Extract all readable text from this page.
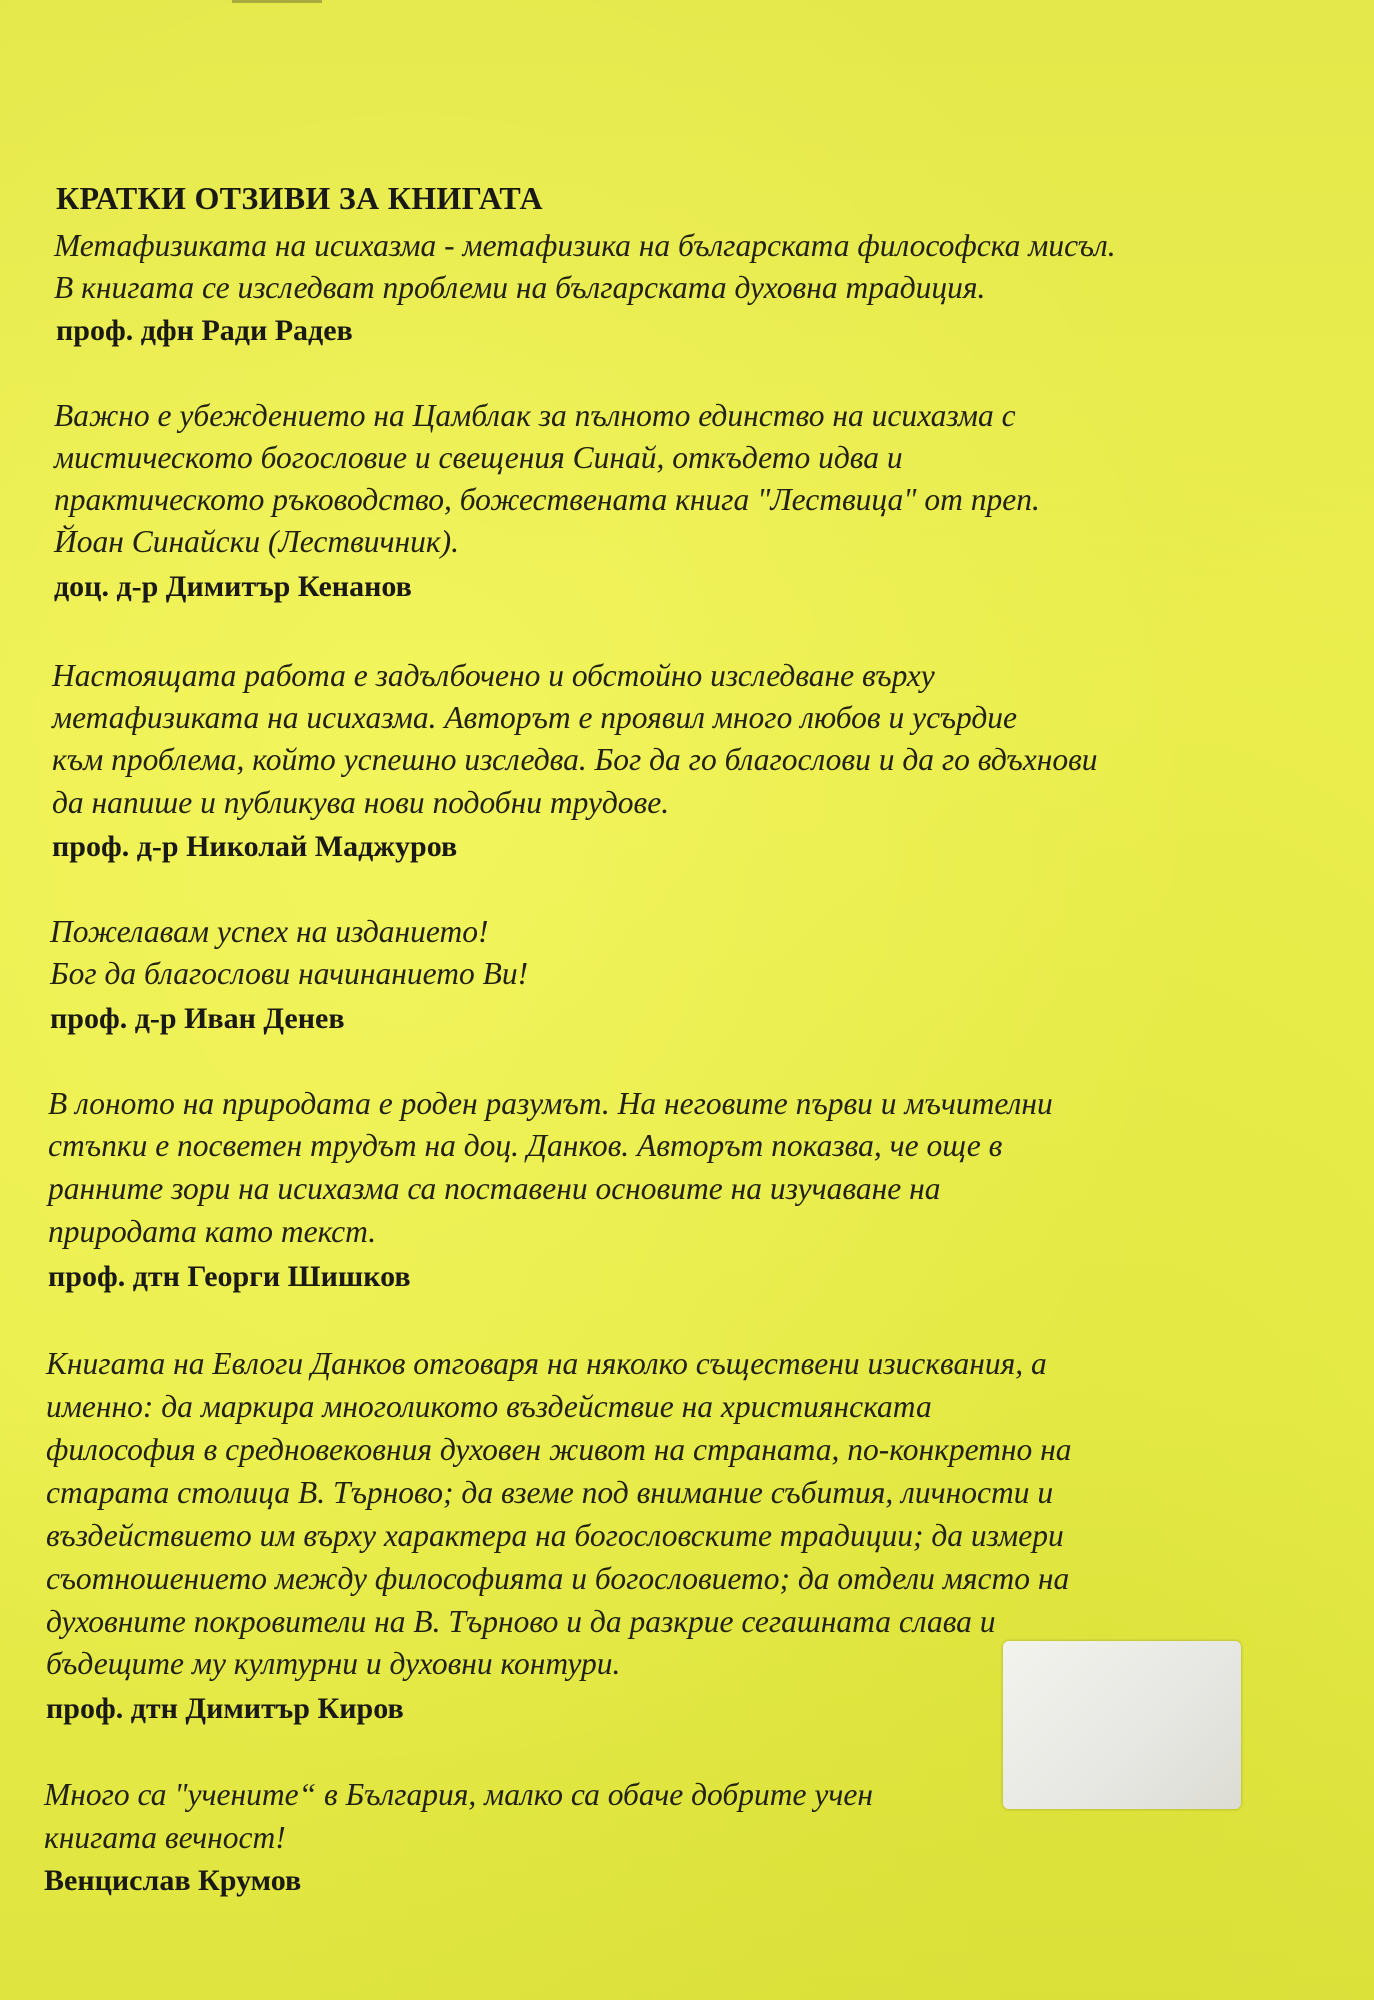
КРАТКИ ОТЗИВИ ЗА КНИГАТА
Метафизиката на исихазма - метафизика на българската философска мисъл.
В книгата се изследват проблеми на българската духовна традиция.
проф. дфн Ради Радев
Важно е убеждението на Цамблак за пълното единство на исихазма с
мистическото богословие и свещения Синай, откъдето идва и
практическото ръководство, божествената книга "Лествица" от преп.
Йоан Синайски (Лествичник).
доц. д-р Димитър Кенанов
Настоящата работа е задълбочено и обстойно изследване върху
метафизиката на исихазма. Авторът е проявил много любов и усърдие
към проблема, който успешно изследва. Бог да го благослови и да го вдъхнови
да напише и публикува нови подобни трудове.
проф. д-р Николай Маджуров
Пожелавам успех на изданието!
Бог да благослови начинанието Ви!
проф. д-р Иван Денев
В лоното на природата е роден разумът. На неговите първи и мъчителни
стъпки е посветен трудът на доц. Данков. Авторът показва, че още в
ранните зори на исихазма са поставени основите на изучаване на
природата като текст.
проф. дтн Георги Шишков
Книгата на Евлоги Данков отговаря на няколко съществени изисквания, а
именно: да маркира многоликото въздействие на християнската
философия в средновековния духовен живот на страната, по-конкретно на
старата столица В. Търново; да вземе под внимание събития, личности и
въздействието им върху характера на богословските традиции; да измери
съотношението между философията и богословието; да отдели място на
духовните покровители на В. Търново и да разкрие сегашната слава и
бъдещите му културни и духовни контури.
проф. дтн Димитър Киров
Много са "учените“ в България, малко са обаче добрите учен
книгата вечност!
Венцислав Крумов
